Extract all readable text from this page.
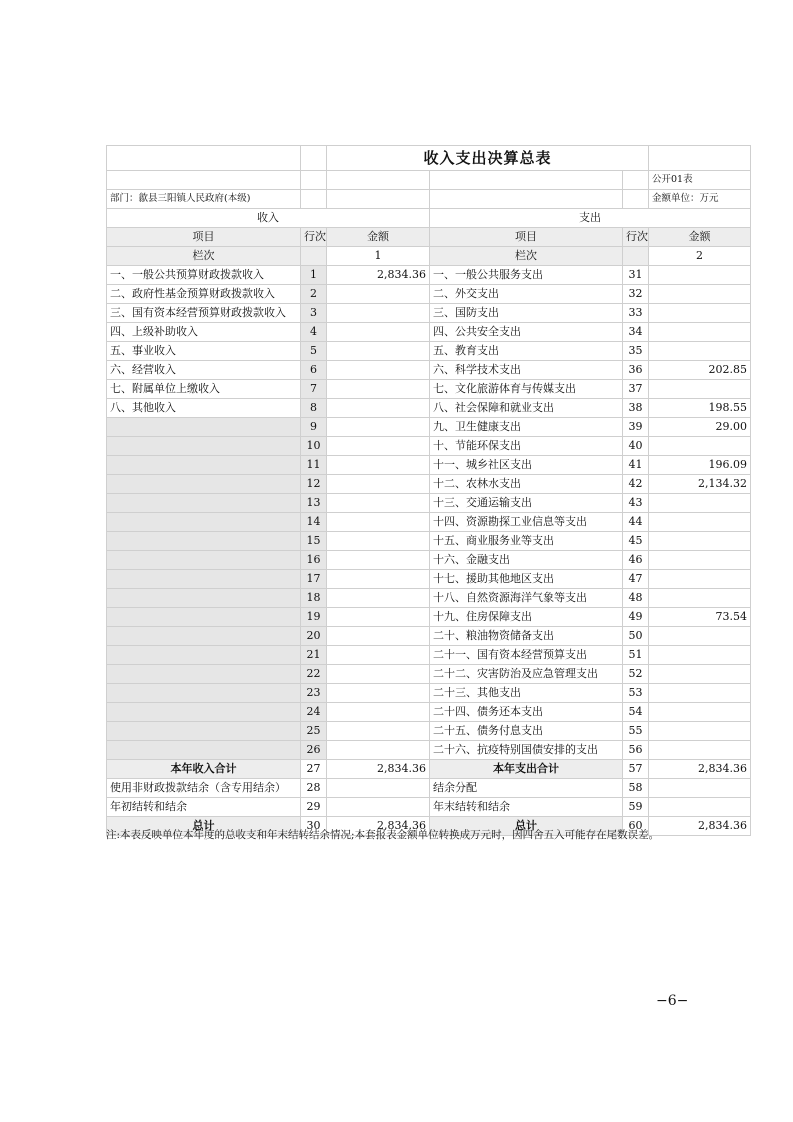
		收入支出决算总表			
					公开01表
部门：歙县三阳镇人民政府(本级)					金额单位：万元
收入			支出		
项目	行次	金额	项目	行次	金额
栏次		1	栏次		2
一、一般公共预算财政拨款收入	1	2,834.36	一、一般公共服务支出	31	
二、政府性基金预算财政拨款收入	2		二、外交支出	32	
三、国有资本经营预算财政拨款收入	3		三、国防支出	33	
四、上级补助收入	4		四、公共安全支出	34	
五、事业收入	5		五、教育支出	35	
六、经营收入	6		六、科学技术支出	36	202.85
七、附属单位上缴收入	7		七、文化旅游体育与传媒支出	37	
八、其他收入	8		八、社会保障和就业支出	38	198.55
	9		九、卫生健康支出	39	29.00
	10		十、节能环保支出	40	
	11		十一、城乡社区支出	41	196.09
	12		十二、农林水支出	42	2,134.32
	13		十三、交通运输支出	43	
	14		十四、资源勘探工业信息等支出	44	
	15		十五、商业服务业等支出	45	
	16		十六、金融支出	46	
	17		十七、援助其他地区支出	47	
	18		十八、自然资源海洋气象等支出	48	
	19		十九、住房保障支出	49	73.54
	20		二十、粮油物资储备支出	50	
	21		二十一、国有资本经营预算支出	51	
	22		二十二、灾害防治及应急管理支出	52	
	23		二十三、其他支出	53	
	24		二十四、债务还本支出	54	
	25		二十五、债务付息支出	55	
	26		二十六、抗疫特别国债安排的支出	56	
本年收入合计	27	2,834.36	本年支出合计	57	2,834.36
使用非财政拨款结余（含专用结余）	28		结余分配	58	
年初结转和结余	29		年末结转和结余	59	
总计	30	2,834.36	总计	60	2,834.36
注:本表反映单位本年度的总收支和年末结转结余情况;本套报表金额单位转换成万元时，因四舍五入可能存在尾数误差。
−6−
